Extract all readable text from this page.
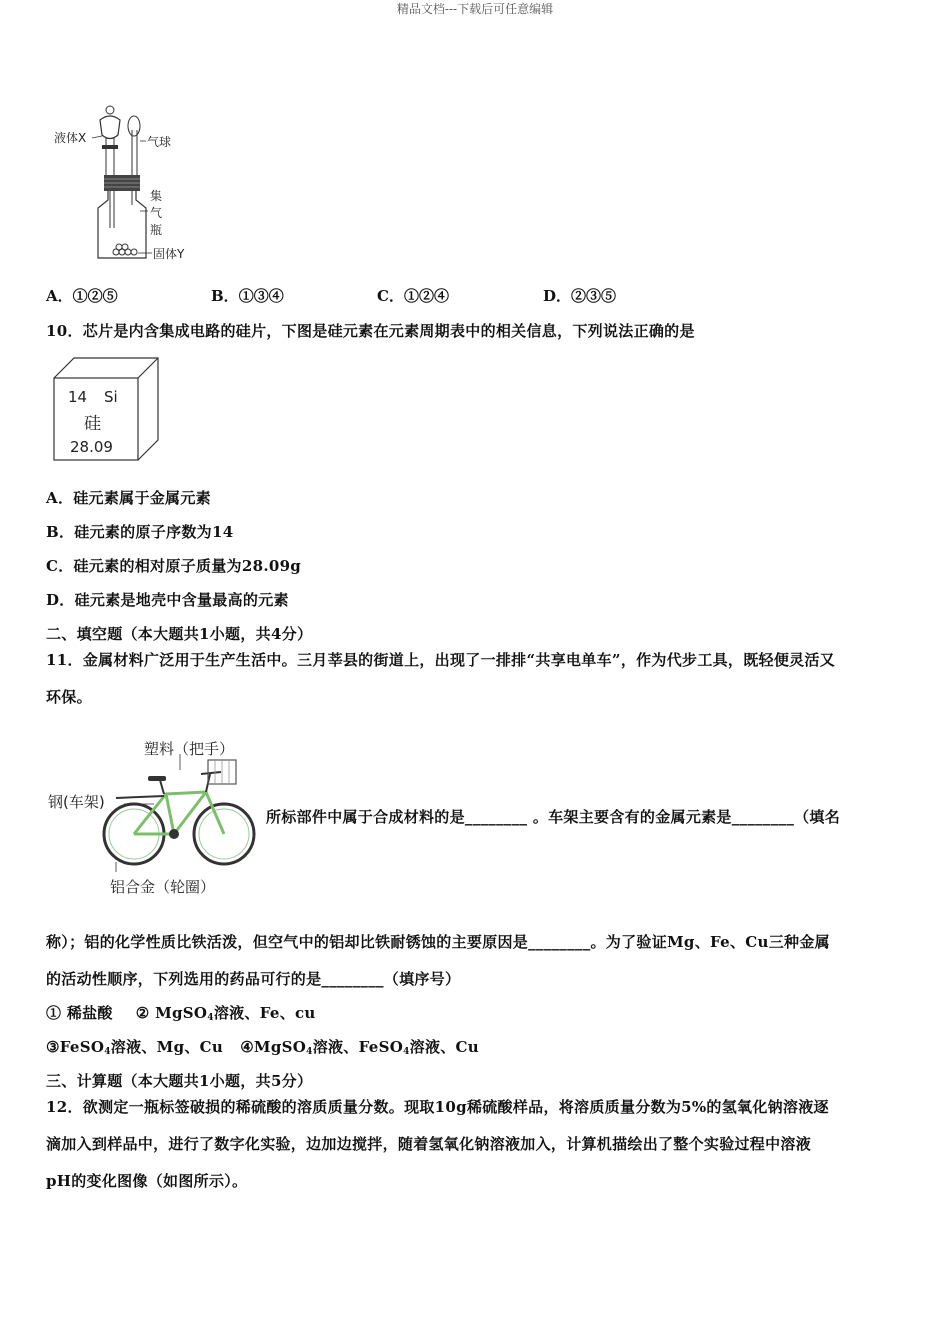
精品文档---下载后可任意编辑
液体X	气球
集
气
瓶
固体Y
A．①②⑤	B．①③④	C．①②④	D．②③⑤
10．芯片是内含集成电路的硅片，下图是硅元素在元素周期表中的相关信息，下列说法正确的是
14 Si
硅
28.09
A．硅元素属于金属元素
B．硅元素的原子序数为14
C．硅元素的相对原子质量为28.09g
D．硅元素是地壳中含量最高的元素
二、填空题（本大题共1小题，共4分）
11．金属材料广泛用于生产生活中。三月莘县的街道上，出现了一排排“共享电单车”，作为代步工具，既轻便灵活又
环保。
塑料（把手）
钢(车架)
铝合金（轮圈）
所标部件中属于合成材料的是________ 。车架主要含有的金属元素是________（填名
称）；铝的化学性质比铁活泼，但空气中的铝却比铁耐锈蚀的主要原因是________。为了验证Mg、Fe、Cu三种金属
的活动性顺序，下列选用的药品可行的是________（填序号）
① 稀盐酸 ② MgSO$_4$溶液、Fe、cu
③FeSO$_4$溶液、Mg、Cu ④MgSO$_4$溶液、FeSO$_4$溶液、Cu
三、计算题（本大题共1小题，共5分）
12．欲测定一瓶标签破损的稀硫酸的溶质质量分数。现取10g稀硫酸样品，将溶质质量分数为5%的氢氧化钠溶液逐
滴加入到样品中，进行了数字化实验，边加边搅拌，随着氢氧化钠溶液加入，计算机描绘出了整个实验过程中溶液
pH的变化图像（如图所示）。
